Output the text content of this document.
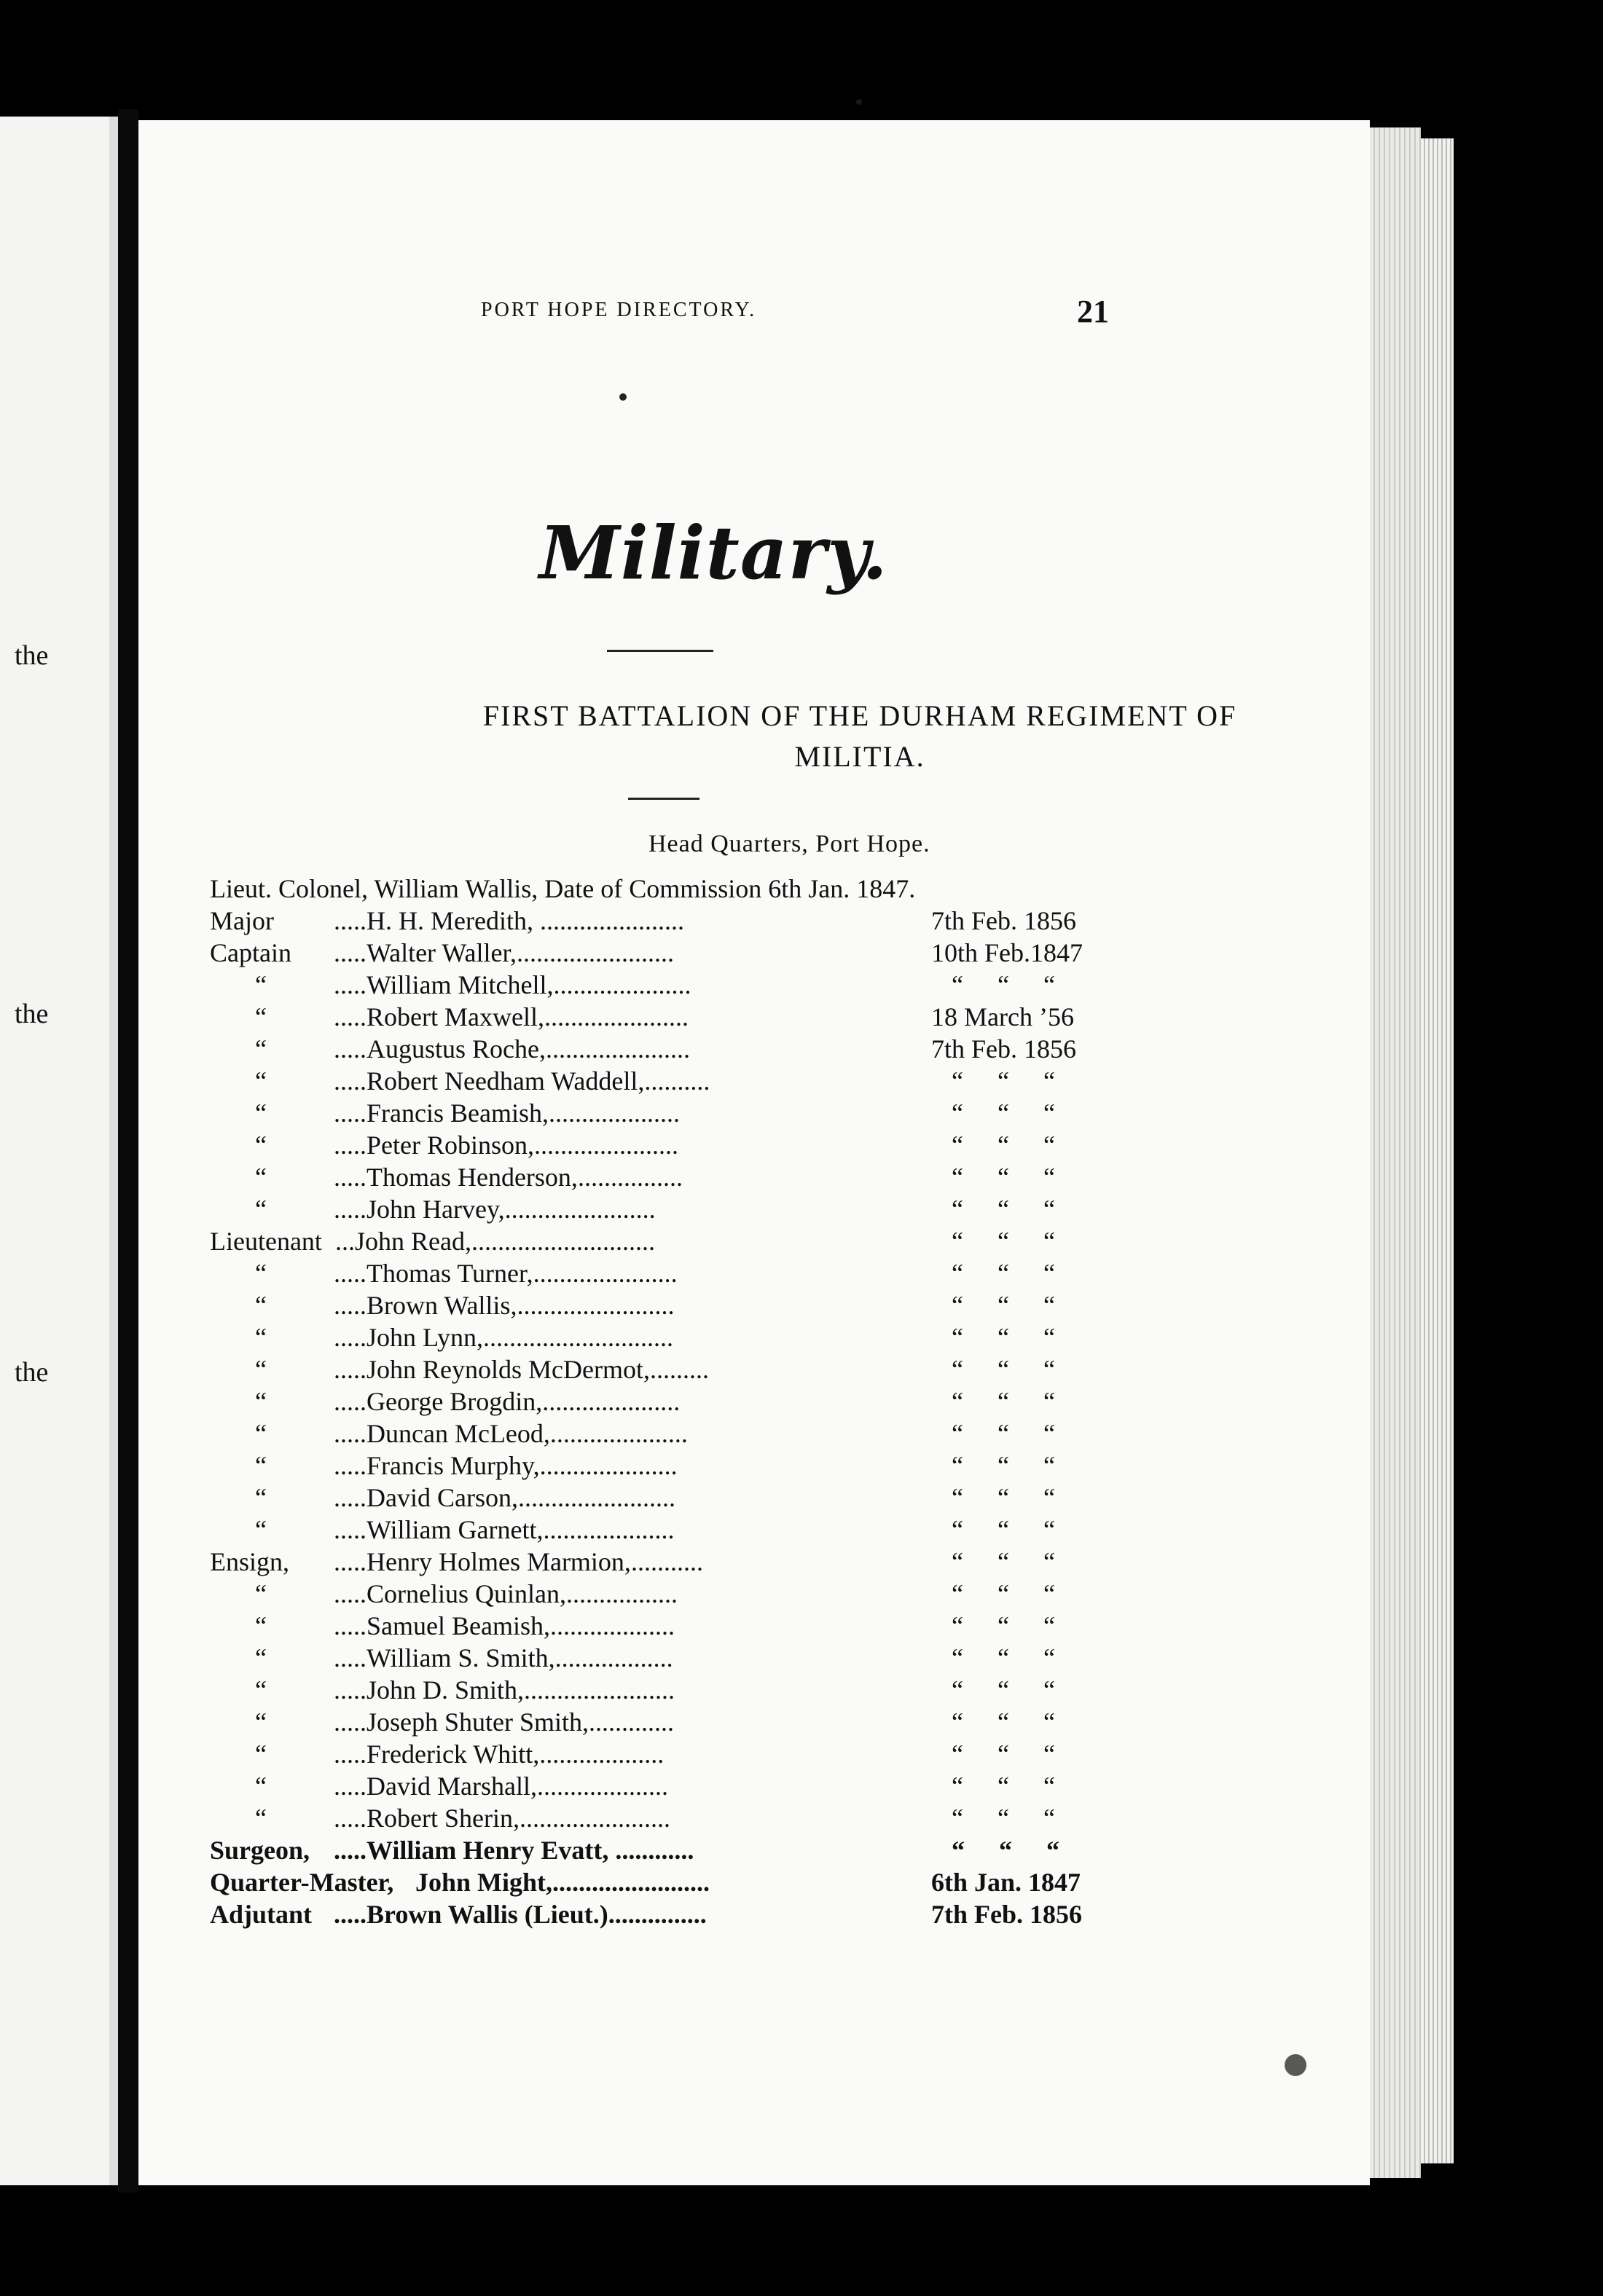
the
the
the
PORT HOPE DIRECTORY.	21
Military.
FIRST BATTALION OF THE DURHAM REGIMENT OF
MILITIA.
Head Quarters, Port Hope.
Lieut. Colonel, William Wallis, Date of Commission 6th Jan. 1847.
Major .....H. H. Meredith, ......................	7th Feb. 1856
Captain .....Walter Waller,........................	10th Feb.1847
“	.....William Mitchell,.....................	“ “ “
“	.....Robert Maxwell,......................	18 March ’56
“	.....Augustus Roche,......................	7th Feb. 1856
“	.....Robert Needham Waddell,..........	“ “ “
“	.....Francis Beamish,....................	“ “ “
“	.....Peter Robinson,......................	“ “ “
“	.....Thomas Henderson,................	“ “ “
“	.....John Harvey,.......................	“ “ “
Lieutenant ...John Read,............................	“ “ “
“	.....Thomas Turner,......................	“ “ “
“	.....Brown Wallis,........................	“ “ “
“	.....John Lynn,.............................	“ “ “
“	.....John Reynolds McDermot,.........	“ “ “
“	.....George Brogdin,.....................	“ “ “
“	.....Duncan McLeod,.....................	“ “ “
“	.....Francis Murphy,.....................	“ “ “
“	.....David Carson,........................	“ “ “
“	.....William Garnett,....................	“ “ “
Ensign, .....Henry Holmes Marmion,...........	“ “ “
“	.....Cornelius Quinlan,.................	“ “ “
“	.....Samuel Beamish,...................	“ “ “
“	.....William S. Smith,..................	“ “ “
“	.....John D. Smith,.......................	“ “ “
“	.....Joseph Shuter Smith,.............	“ “ “
“	.....Frederick Whitt,...................	“ “ “
“	.....David Marshall,....................	“ “ “
“	.....Robert Sherin,.......................	“ “ “
Surgeon, .....William Henry Evatt, ............	“ “ “
Quarter-Master, John Might,........................	6th Jan. 1847
Adjutant .....Brown Wallis (Lieut.)...............	7th Feb. 1856
